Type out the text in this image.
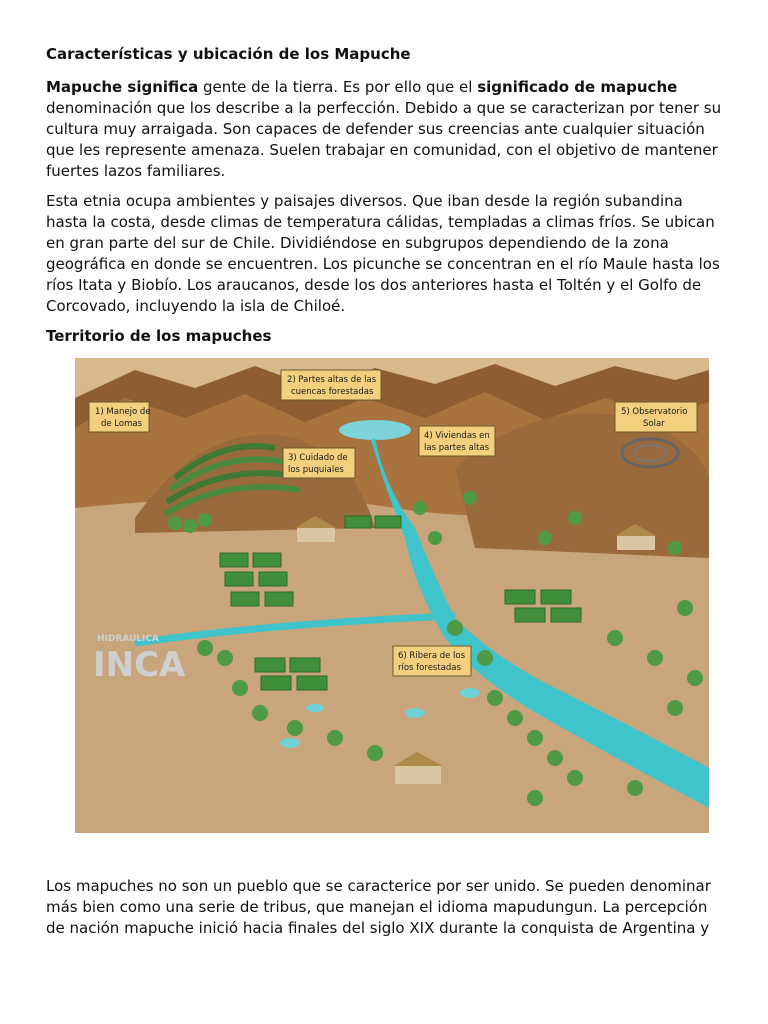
Características y ubicación de los Mapuche

Mapuche significa gente de la tierra. Es por ello que el significado de mapuche denominación que los describe a la perfección. Debido a que se caracterizan por tener su cultura muy arraigada. Son capaces de defender sus creencias ante cualquier situación que les represente amenaza. Suelen trabajar en comunidad, con el objetivo de mantener fuertes lazos familiares.

Esta etnia ocupa ambientes y paisajes diversos. Que iban desde la región subandina hasta la costa, desde climas de temperatura cálidas, templadas a climas fríos. Se ubican en gran parte del sur de Chile. Dividiéndose en subgrupos dependiendo de la zona geográfica en donde se encuentren. Los picunche se concentran en el río Maule hasta los ríos Itata y Biobío. Los araucanos, desde los dos anteriores hasta el Toltén y el Golfo de Corcovado, incluyendo la isla de Chiloé.

Territorio de los mapuches
HIDRAULICA
INCA
1) Manejo de
de Lomas
2) Partes altas de las
cuencas forestadas
3) Cuidado de
los puquiales
4) Viviendas en
las partes altas
5) Observatorio
Solar
6) Ribera de los
ríos forestadas

Los mapuches no son un pueblo que se caracterice por ser unido. Se pueden denominar más bien como una serie de tribus, que manejan el idioma mapudungun. La percepción de nación mapuche inició hacia finales del siglo XIX durante la conquista de Argentina y
